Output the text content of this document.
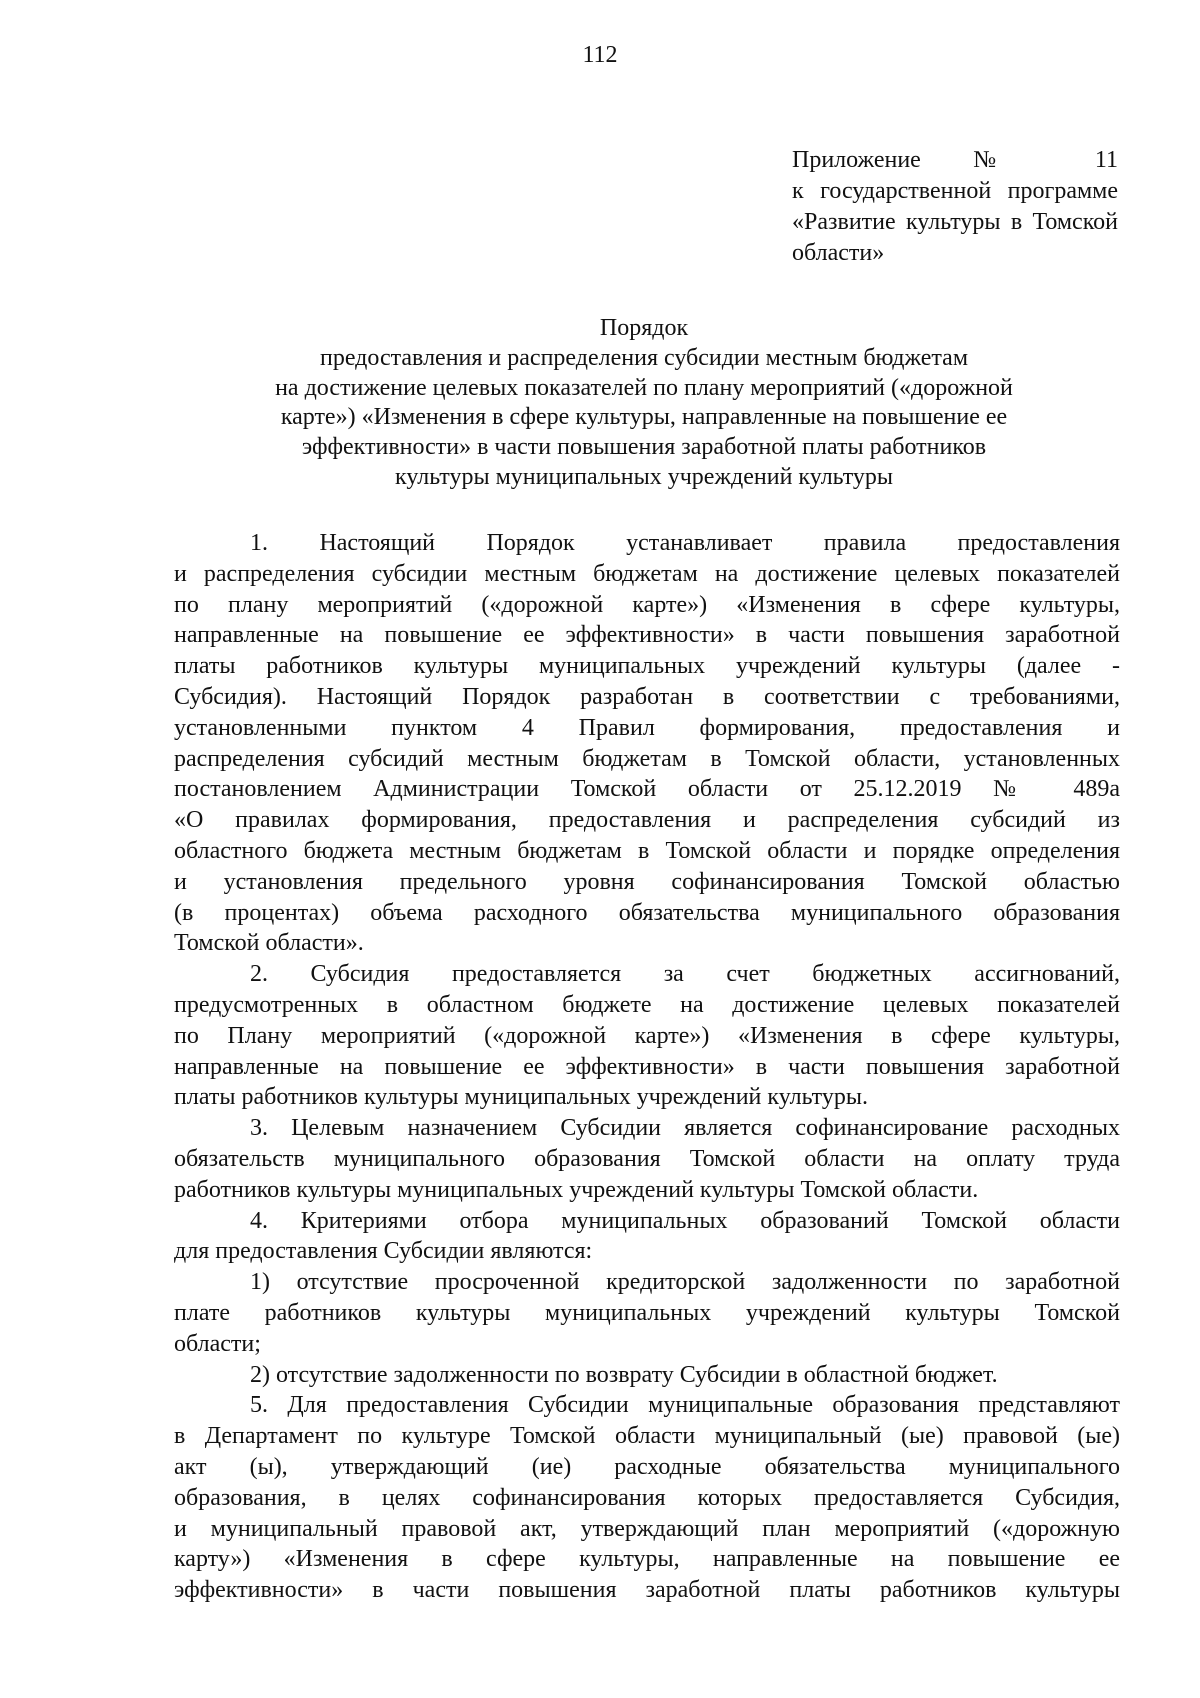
112
Приложение № 11
к государственной программе
«Развитие культуры в Томской
области»
Порядок
предоставления и распределения субсидии местным бюджетам
на достижение целевых показателей по плану мероприятий («дорожной
карте») «Изменения в сфере культуры, направленные на повышение ее
эффективности» в части повышения заработной платы работников
культуры муниципальных учреждений культуры
1. Настоящий Порядок устанавливает правила предоставления
и распределения субсидии местным бюджетам на достижение целевых показателей
по плану мероприятий («дорожной карте») «Изменения в сфере культуры,
направленные на повышение ее эффективности» в части повышения заработной
платы работников культуры муниципальных учреждений культуры (далее -
Субсидия). Настоящий Порядок разработан в соответствии с требованиями,
установленными пунктом 4 Правил формирования, предоставления и
распределения субсидий местным бюджетам в Томской области, установленных
постановлением Администрации Томской области от 25.12.2019 № 489а
«О правилах формирования, предоставления и распределения субсидий из
областного бюджета местным бюджетам в Томской области и порядке определения
и установления предельного уровня софинансирования Томской областью
(в процентах) объема расходного обязательства муниципального образования
Томской области».
2. Субсидия предоставляется за счет бюджетных ассигнований,
предусмотренных в областном бюджете на достижение целевых показателей
по Плану мероприятий («дорожной карте») «Изменения в сфере культуры,
направленные на повышение ее эффективности» в части повышения заработной
платы работников культуры муниципальных учреждений культуры.
3. Целевым назначением Субсидии является софинансирование расходных
обязательств муниципального образования Томской области на оплату труда
работников культуры муниципальных учреждений культуры Томской области.
4. Критериями отбора муниципальных образований Томской области
для предоставления Субсидии являются:
1) отсутствие просроченной кредиторской задолженности по заработной
плате работников культуры муниципальных учреждений культуры Томской
области;
2) отсутствие задолженности по возврату Субсидии в областной бюджет.
5. Для предоставления Субсидии муниципальные образования представляют
в Департамент по культуре Томской области муниципальный (ые) правовой (ые)
акт (ы), утверждающий (ие) расходные обязательства муниципального
образования, в целях софинансирования которых предоставляется Субсидия,
и муниципальный правовой акт, утверждающий план мероприятий («дорожную
карту») «Изменения в сфере культуры, направленные на повышение ее
эффективности» в части повышения заработной платы работников культуры
